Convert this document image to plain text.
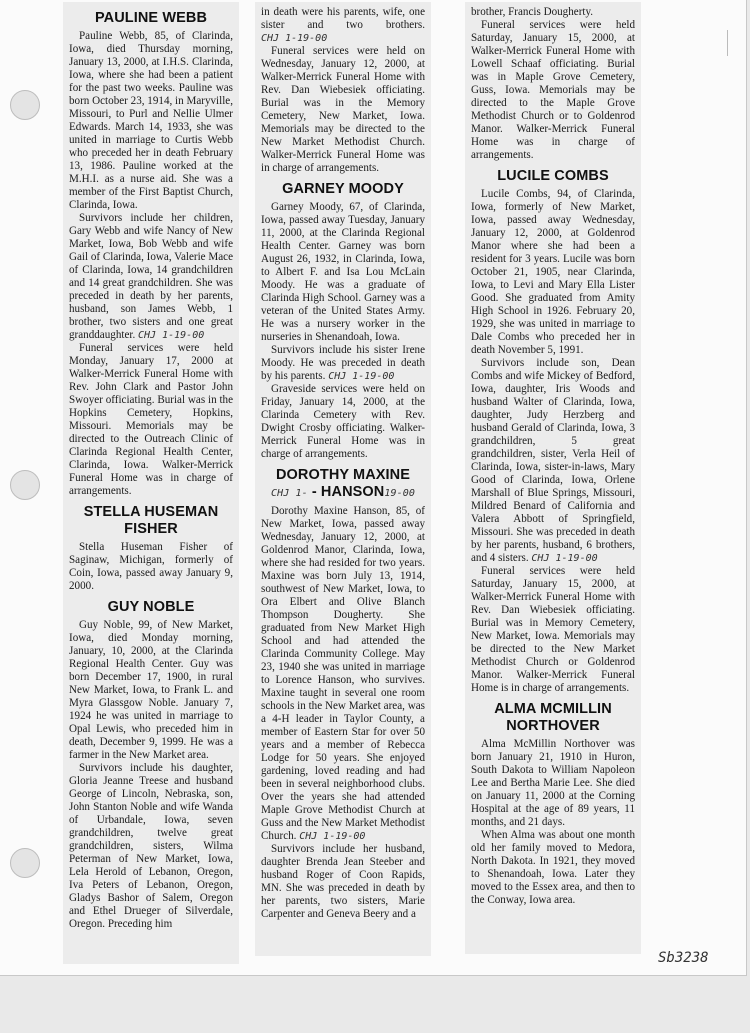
PAULINE WEBB

Pauline Webb, 85, of Clarinda, Iowa, died Thursday morning, January 13, 2000, at I.H.S. Clarinda, Iowa, where she had been a patient for the past two weeks. Pauline was born October 23, 1914, in Maryville, Missouri, to Purl and Nellie Ulmer Edwards. March 14, 1933, she was united in marriage to Curtis Webb who preceded her in death February 13, 1986. Pauline worked at the M.H.I. as a nurse aid. She was a member of the First Baptist Church, Clarinda, Iowa.

Survivors include her children, Gary Webb and wife Nancy of New Market, Iowa, Bob Webb and wife Gail of Clarinda, Iowa, Valerie Mace of Clarinda, Iowa, 14 grandchildren and 14 great grandchildren. She was preceded in death by her parents, husband, son James Webb, 1 brother, two sisters and one great granddaughter. CHJ 1-19-00

Funeral services were held Monday, January 17, 2000 at Walker-Merrick Funeral Home with Rev. John Clark and Pastor John Swoyer officiating. Burial was in the Hopkins Cemetery, Hopkins, Missouri. Memorials may be directed to the Outreach Clinic of Clarinda Regional Health Center, Clarinda, Iowa. Walker-Merrick Funeral Home was in charge of arrangements.

STELLA HUSEMAN FISHER

Stella Huseman Fisher of Saginaw, Michigan, formerly of Coin, Iowa, passed away January 9, 2000.

GUY NOBLE

Guy Noble, 99, of New Market, Iowa, died Monday morning, January, 10, 2000, at the Clarinda Regional Health Center. Guy was born December 17, 1900, in rural New Market, Iowa, to Frank L. and Myra Glassgow Noble. January 7, 1924 he was united in marriage to Opal Lewis, who preceded him in death, December 9, 1999. He was a farmer in the New Market area.

Survivors include his daughter, Gloria Jeanne Treese and husband George of Lincoln, Nebraska, son, John Stanton Noble and wife Wanda of Urbandale, Iowa, seven grandchildren, twelve great grandchildren, sisters, Wilma Peterman of New Market, Iowa, Lela Herold of Lebanon, Oregon, Iva Peters of Lebanon, Oregon, Gladys Bashor of Salem, Oregon and Ethel Drueger of Silverdale, Oregon. Preceding him

in death were his parents, wife, one sister and two brothers. CHJ 1-19-00

Funeral services were held on Wednesday, January 12, 2000, at Walker-Merrick Funeral Home with Rev. Dan Wiebesiek officiating. Burial was in the Memory Cemetery, New Market, Iowa. Memorials may be directed to the New Market Methodist Church. Walker-Merrick Funeral Home was in charge of arrangements.

GARNEY MOODY

Garney Moody, 67, of Clarinda, Iowa, passed away Tuesday, January 11, 2000, at the Clarinda Regional Health Center. Garney was born August 26, 1932, in Clarinda, Iowa, to Albert F. and Isa Lou McLain Moody. He was a graduate of Clarinda High School. Garney was a veteran of the United States Army. He was a nursery worker in the nurseries in Shenandoah, Iowa.

Survivors include his sister Irene Moody. He was preceded in death by his parents. CHJ 1-19-00

Graveside services were held on Friday, January 14, 2000, at the Clarinda Cemetery with Rev. Dwight Crosby officiating. Walker-Merrick Funeral Home was in charge of arrangements.

DOROTHY MAXINE
CHJ 1- - HANSON19-00

Dorothy Maxine Hanson, 85, of New Market, Iowa, passed away Wednesday, January 12, 2000, at Goldenrod Manor, Clarinda, Iowa, where she had resided for two years. Maxine was born July 13, 1914, southwest of New Market, Iowa, to Ora Elbert and Olive Blanch Thompson Dougherty. She graduated from New Market High School and had attended the Clarinda Community College. May 23, 1940 she was united in marriage to Lorence Hanson, who survives. Maxine taught in several one room schools in the New Market area, was a 4-H leader in Taylor County, a member of Eastern Star for over 50 years and a member of Rebecca Lodge for 50 years. She enjoyed gardening, loved reading and had been in several neighborhood clubs. Over the years she had attended Maple Grove Methodist Church at Guss and the New Market Methodist Church. CHJ 1-19-00

Survivors include her husband, daughter Brenda Jean Steeber and husband Roger of Coon Rapids, MN. She was preceded in death by her parents, two sisters, Marie Carpenter and Geneva Beery and a

brother, Francis Dougherty.

Funeral services were held Saturday, January 15, 2000, at Walker-Merrick Funeral Home with Lowell Schaaf officiating. Burial was in Maple Grove Cemetery, Guss, Iowa. Memorials may be directed to the Maple Grove Methodist Church or to Goldenrod Manor. Walker-Merrick Funeral Home was in charge of arrangements.

LUCILE COMBS

Lucile Combs, 94, of Clarinda, Iowa, formerly of New Market, Iowa, passed away Wednesday, January 12, 2000, at Goldenrod Manor where she had been a resident for 3 years. Lucile was born October 21, 1905, near Clarinda, Iowa, to Levi and Mary Ella Lister Good. She graduated from Amity High School in 1926. February 20, 1929, she was united in marriage to Dale Combs who preceded her in death November 5, 1991.

Survivors include son, Dean Combs and wife Mickey of Bedford, Iowa, daughter, Iris Woods and husband Walter of Clarinda, Iowa, daughter, Judy Herzberg and husband Gerald of Clarinda, Iowa, 3 grandchildren, 5 great grandchildren, sister, Verla Heil of Clarinda, Iowa, sister-in-laws, Mary Good of Clarinda, Iowa, Orlene Marshall of Blue Springs, Missouri, Mildred Benard of California and Valera Abbott of Springfield, Missouri. She was preceded in death by her parents, husband, 6 brothers, and 4 sisters. CHJ 1-19-00

Funeral services were held Saturday, January 15, 2000, at Walker-Merrick Funeral Home with Rev. Dan Wiebesiek officiating. Burial was in Memory Cemetery, New Market, Iowa. Memorials may be directed to the New Market Methodist Church or Goldenrod Manor. Walker-Merrick Funeral Home is in charge of arrangements.

ALMA MCMILLIN NORTHOVER

Alma McMillin Northover was born January 21, 1910 in Huron, South Dakota to William Napoleon Lee and Bertha Marie Lee. She died on January 11, 2000 at the Corning Hospital at the age of 89 years, 11 months, and 21 days.

When Alma was about one month old her family moved to Medora, North Dakota. In 1921, they moved to Shenandoah, Iowa. Later they moved to the Essex area, and then to the Conway, Iowa area.

Sb3238
